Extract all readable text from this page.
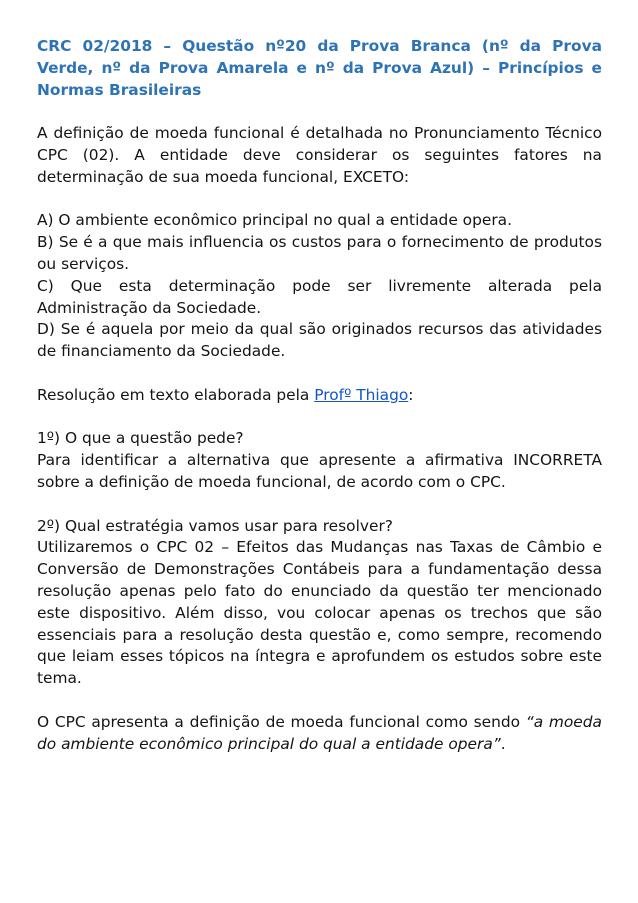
CRC 02/2018 – Questão nº20 da Prova Branca (nº da Prova Verde, nº da Prova Amarela e nº da Prova Azul) – Princípios e Normas Brasileiras

A definição de moeda funcional é detalhada no Pronunciamento Técnico CPC (02). A entidade deve considerar os seguintes fatores na determinação de sua moeda funcional, EXCETO:

A) O ambiente econômico principal no qual a entidade opera.

B) Se é a que mais influencia os custos para o fornecimento de produtos ou serviços.

C) Que esta determinação pode ser livremente alterada pela Administração da Sociedade.

D) Se é aquela por meio da qual são originados recursos das atividades de financiamento da Sociedade.

Resolução em texto elaborada pela Profº Thiago:

1º) O que a questão pede?

Para identificar a alternativa que apresente a afirmativa INCORRETA sobre a definição de moeda funcional, de acordo com o CPC.

2º) Qual estratégia vamos usar para resolver?

Utilizaremos o CPC 02 – Efeitos das Mudanças nas Taxas de Câmbio e Conversão de Demonstrações Contábeis para a fundamentação dessa resolução apenas pelo fato do enunciado da questão ter mencionado este dispositivo. Além disso, vou colocar apenas os trechos que são essenciais para a resolução desta questão e, como sempre, recomendo que leiam esses tópicos na íntegra e aprofundem os estudos sobre este tema.

O CPC apresenta a definição de moeda funcional como sendo “a moeda do ambiente econômico principal do qual a entidade opera”.
